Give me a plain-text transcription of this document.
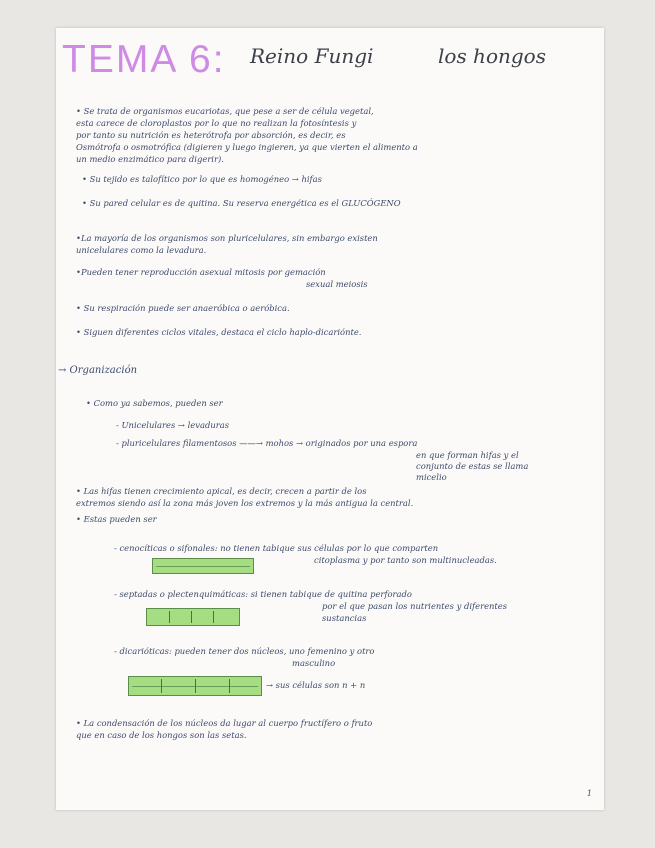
TEMA 6: Reino Fungi	los hongos
• Se trata de organismos eucariotas, que pese a ser de célula vegetal,
esta carece de cloroplastos por lo que no realizan la fotosíntesis y
por tanto su nutrición es heterótrofa por absorción, es decir, es
Osmótrofa o osmotrófica (digieren y luego ingieren, ya que vierten el alimento a
un medio enzimático para digerir).
• Su tejido es talofítico por lo que es homogéneo → hifas
• Su pared celular es de quitina. Su reserva energética es el GLUCÓGENO
•La mayoría de los organismos son pluricelulares, sin embargo existen
unicelulares como la levadura.
•Pueden tener reproducción asexual mitosis por gemación
sexual meiosis
• Su respiración puede ser anaeróbica o aeróbica.
• Siguen diferentes ciclos vitales, destaca el ciclo haplo-dicariónte.
→ Organización
• Como ya sabemos, pueden ser
- Unicelulares → levaduras
- pluricelulares filamentosos ——→ mohos → originados por una espora
en que forman hifas y el
conjunto de estas se llama
micelio
• Las hifas tienen crecimiento apical, es decir, crecen a partir de los
extremos siendo así la zona más joven los extremos y la más antigua la central.
• Estas pueden ser
- cenocíticas o sifonales: no tienen tabique sus células por lo que comparten
citoplasma y por tanto son multinucleadas.
- septadas o plectenquimáticas: si tienen tabique de quitina perforado
por el que pasan los nutrientes y diferentes
sustancias
- dicarióticas: pueden tener dos núcleos, uno femenino y otro
masculino
→ sus células son n + n
• La condensación de los núcleos da lugar al cuerpo fructífero o fruto
que en caso de los hongos son las setas.
1
